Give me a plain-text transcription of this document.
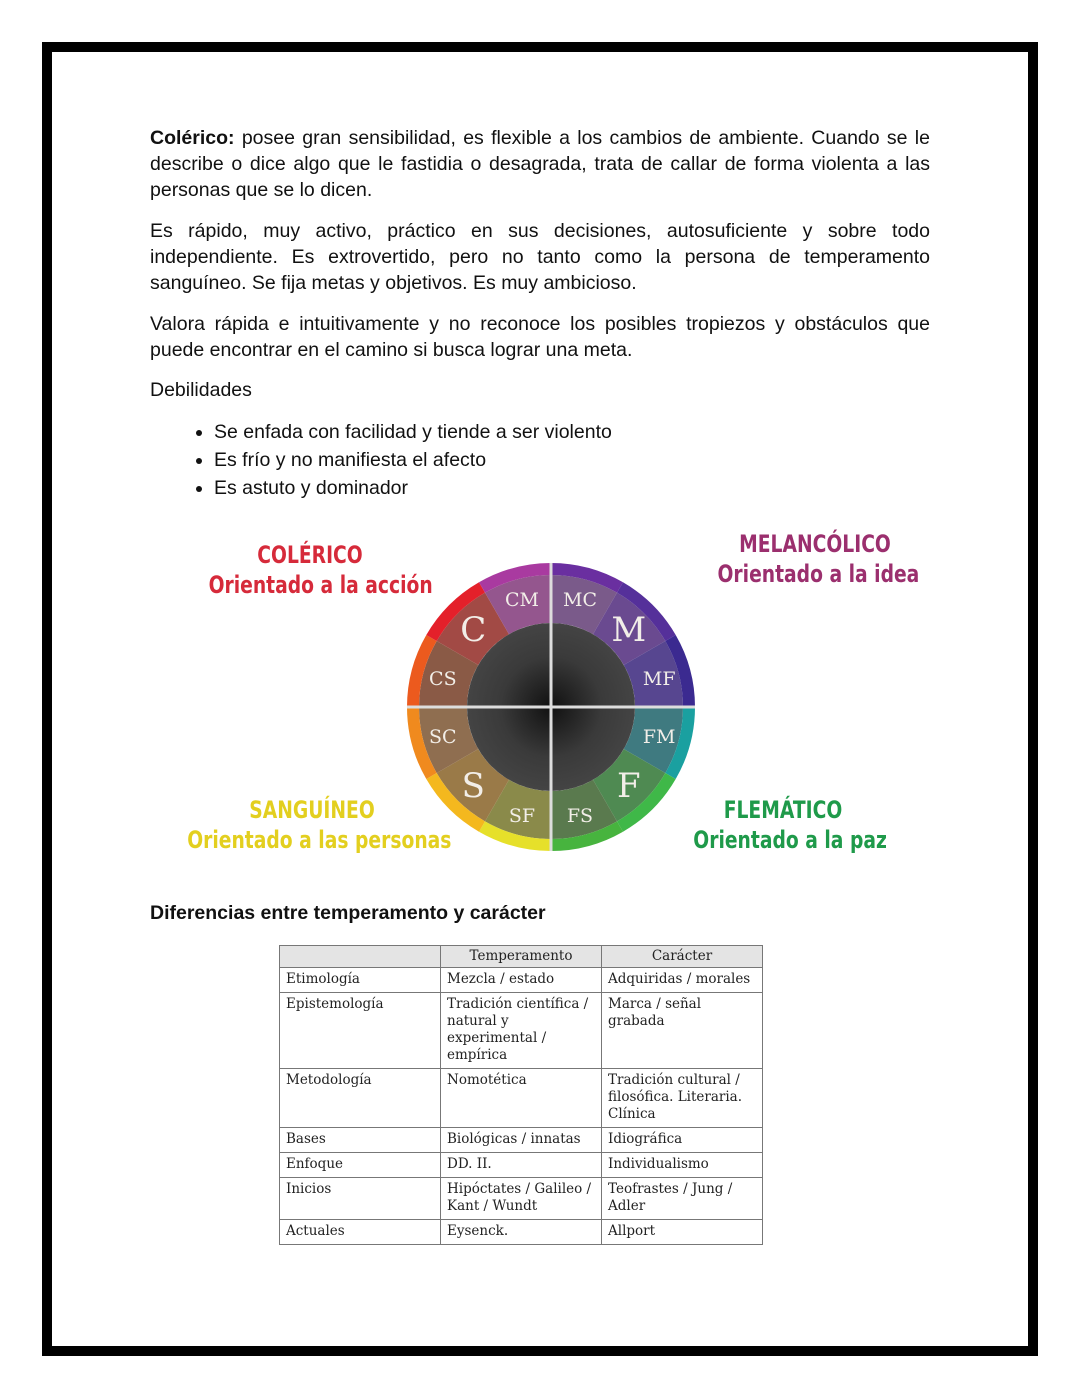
Colérico: posee gran sensibilidad, es flexible a los cambios de ambiente. Cuando se le describe o dice algo que le fastidia o desagrada, trata de callar de forma violenta a las personas que se lo dicen.

Es rápido, muy activo, práctico en sus decisiones, autosuficiente y sobre todo independiente. Es extrovertido, pero no tanto como la persona de temperamento sanguíneo. Se fija metas y objetivos. Es muy ambicioso.
Valora rápida e intuitivamente y no reconoce los posibles tropiezos y obstáculos que puede encontrar en el camino si busca lograr una meta.
Debilidades
• Se enfada con facilidad y tiende a ser violento
• Es frío y no manifiesta el afecto
• Es astuto y dominador
COLÉRICO
Orientado a la acción
MELANCÓLICO
Orientado a la idea
SANGUÍNEO
Orientado a las personas
FLEMÁTICO
Orientado a la paz
MC
M
MF
FM
F
FS
SF
S
SC
CS
C
CM
Diferencias entre temperamento y carácter
	Temperamento	Carácter
Etimología	Mezcla / estado	Adquiridas / morales
Epistemología	Tradición científica / natural y experimental / empírica	Marca / señal grabada
Metodología	Nomotética	Tradición cultural / filosófica. Literaria. Clínica
Bases	Biológicas / innatas	Idiográfica
Enfoque	DD. II.	Individualismo
Inicios	Hipóctates / Galileo / Kant / Wundt	Teofrastes / Jung / Adler
Actuales	Eysenck.	Allport
